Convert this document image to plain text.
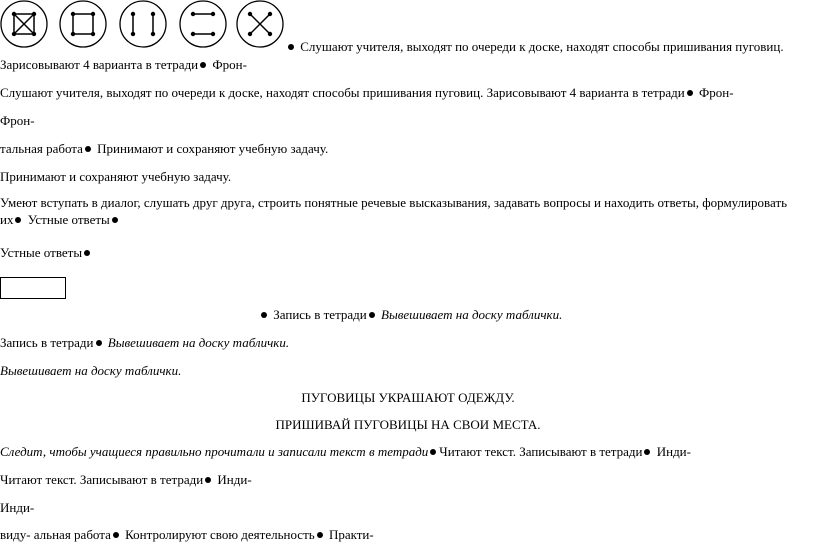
Слушают учителя, выходят по очереди к доске, находят способы пришивания пуговиц.
Зарисовывают 4 варианта в тетради Фрон-
Слушают учителя, выходят по очереди к доске, находят способы пришивания пуговиц. Зарисовывают 4 варианта в тетради Фрон-
Фрон-
тальная работа Принимают и сохраняют учебную задачу.
Принимают и сохраняют учебную задачу.
Умеют вступать в диалог, слушать друг друга, строить понятные речевые высказывания, задавать вопросы и находить ответы, формулировать
их Устные ответы
Устные ответы
Запись в тетради Вывешивает на доску таблички.
Запись в тетради Вывешивает на доску таблички.
Вывешивает на доску таблички.
ПУГОВИЦЫ УКРАШАЮТ ОДЕЖДУ.
ПРИШИВАЙ ПУГОВИЦЫ НА СВОИ МЕСТА.
Следит, чтобы учащиеся правильно прочитали и записали текст в тетради Читают текст. Записывают в тетради Инди-
Читают текст. Записывают в тетради Инди-
Инди-
виду- альная работа Контролируют свою деятельность Практи-
